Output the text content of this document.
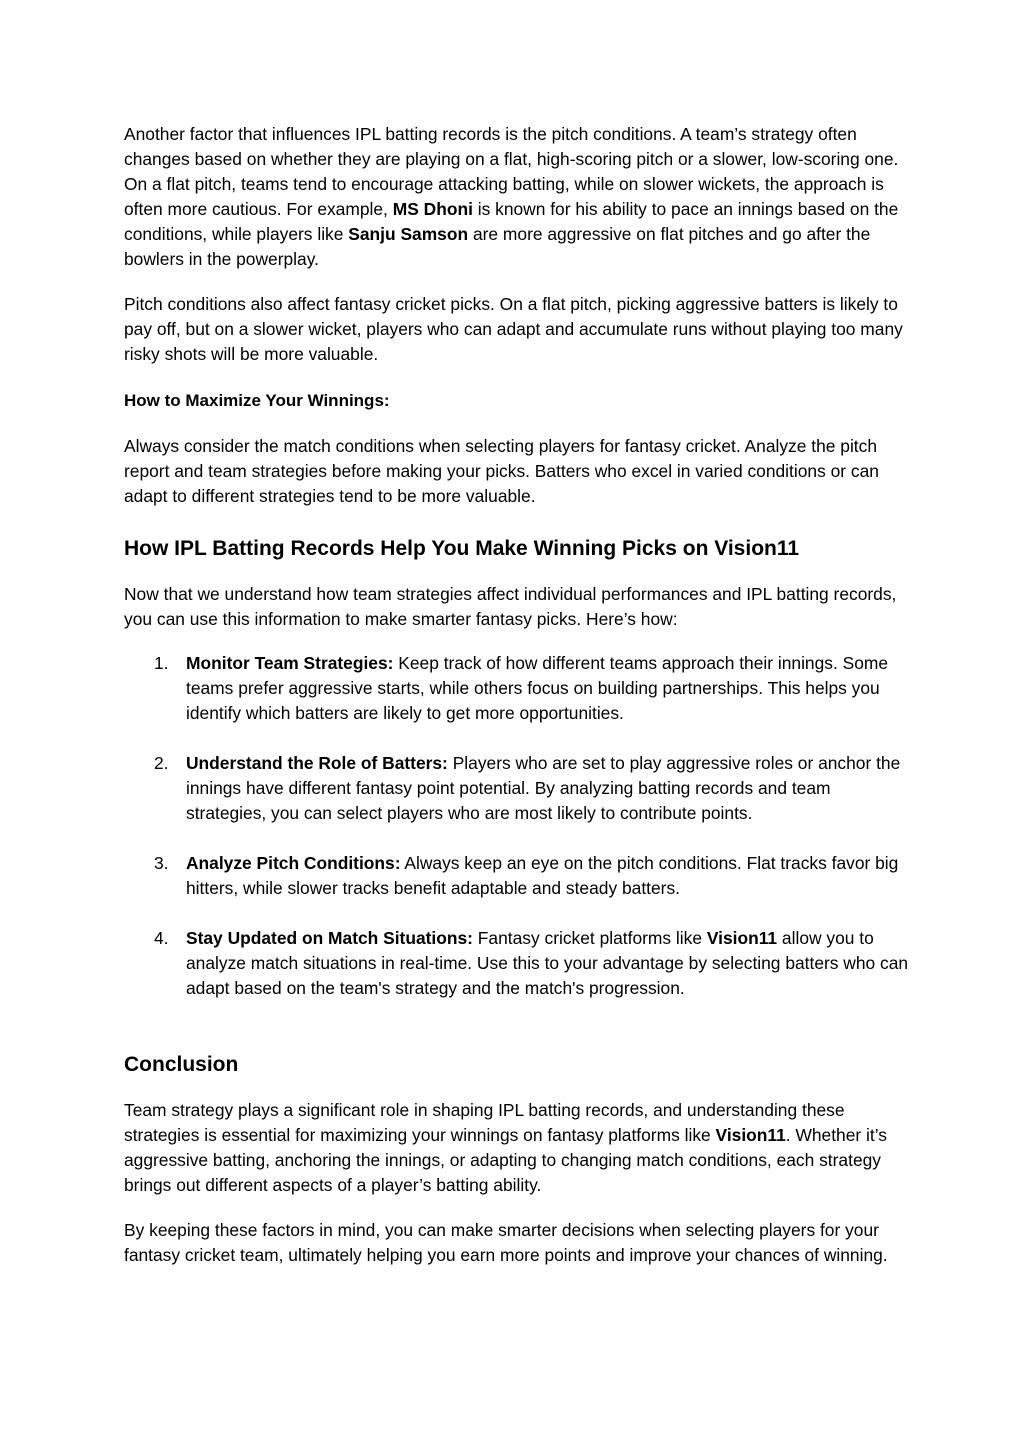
Another factor that influences IPL batting records is the pitch conditions. A team’s strategy often changes based on whether they are playing on a flat, high-scoring pitch or a slower, low-scoring one. On a flat pitch, teams tend to encourage attacking batting, while on slower wickets, the approach is often more cautious. For example, MS Dhoni is known for his ability to pace an innings based on the conditions, while players like Sanju Samson are more aggressive on flat pitches and go after the bowlers in the powerplay.

Pitch conditions also affect fantasy cricket picks. On a flat pitch, picking aggressive batters is likely to pay off, but on a slower wicket, players who can adapt and accumulate runs without playing too many risky shots will be more valuable.

How to Maximize Your Winnings:

Always consider the match conditions when selecting players for fantasy cricket. Analyze the pitch report and team strategies before making your picks. Batters who excel in varied conditions or can adapt to different strategies tend to be more valuable.

How IPL Batting Records Help You Make Winning Picks on Vision11

Now that we understand how team strategies affect individual performances and IPL batting records, you can use this information to make smarter fantasy picks. Here’s how:

1. Monitor Team Strategies: Keep track of how different teams approach their innings. Some teams prefer aggressive starts, while others focus on building partnerships. This helps you identify which batters are likely to get more opportunities.
2. Understand the Role of Batters: Players who are set to play aggressive roles or anchor the innings have different fantasy point potential. By analyzing batting records and team strategies, you can select players who are most likely to contribute points.
3. Analyze Pitch Conditions: Always keep an eye on the pitch conditions. Flat tracks favor big hitters, while slower tracks benefit adaptable and steady batters.
4. Stay Updated on Match Situations: Fantasy cricket platforms like Vision11 allow you to analyze match situations in real-time. Use this to your advantage by selecting batters who can adapt based on the team's strategy and the match's progression.
Conclusion

Team strategy plays a significant role in shaping IPL batting records, and understanding these strategies is essential for maximizing your winnings on fantasy platforms like Vision11. Whether it’s aggressive batting, anchoring the innings, or adapting to changing match conditions, each strategy brings out different aspects of a player’s batting ability.

By keeping these factors in mind, you can make smarter decisions when selecting players for your fantasy cricket team, ultimately helping you earn more points and improve your chances of winning.
